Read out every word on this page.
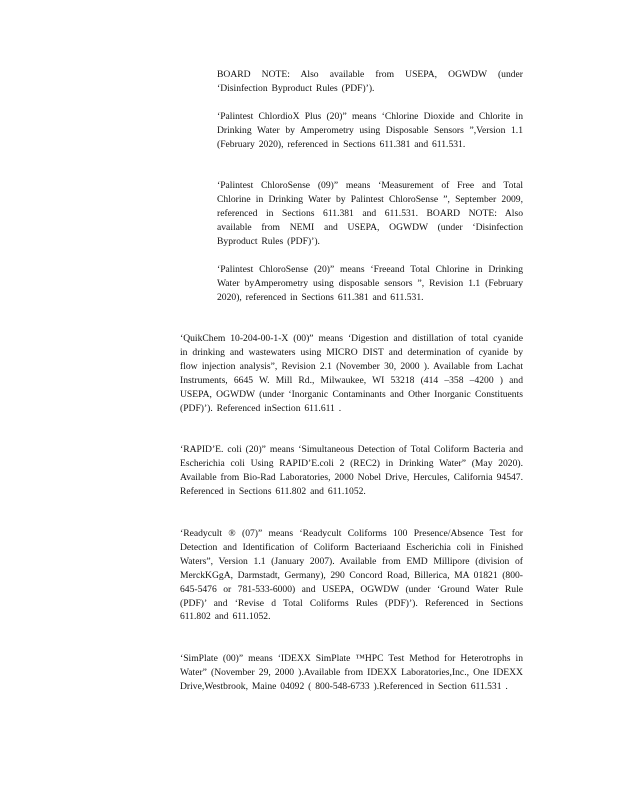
BOARD NOTE: Also available from USEPA, OGWDW (under ‘Disinfection Byproduct Rules (PDF)’).

‘Palintest ChlordioX Plus (20)” means ‘Chlorine Dioxide and Chlorite in Drinking Water by Amperometry using Disposable Sensors ”,Version 1.1 (February 2020), referenced in Sections 611.381 and 611.531.

‘Palintest ChloroSense (09)” means ‘Measurement of Free and Total Chlorine in Drinking Water by Palintest ChloroSense ”, September 2009, referenced in Sections 611.381 and 611.531. BOARD NOTE: Also available from NEMI and USEPA, OGWDW (under ‘Disinfection Byproduct Rules (PDF)’).

‘Palintest ChloroSense (20)” means ‘Freeand Total Chlorine in Drinking Water byAmperometry using disposable sensors ”, Revision 1.1 (February 2020), referenced in Sections 611.381 and 611.531.

‘QuikChem 10-204-00-1-X (00)” means ‘Digestion and distillation of total cyanide in drinking and wastewaters using MICRO DIST and determination of cyanide by flow injection analysis”, Revision 2.1 (November 30, 2000 ). Available from Lachat Instruments, 6645 W. Mill Rd., Milwaukee, WI 53218 (414 –358 –4200 ) and USEPA, OGWDW (under ‘Inorganic Contaminants and Other Inorganic Constituents (PDF)’). Referenced inSection 611.611 .

‘RAPID’E. coli (20)” means ‘Simultaneous Detection of Total Coliform Bacteria and Escherichia coli Using RAPID’E.coli 2 (REC2) in Drinking Water” (May 2020). Available from Bio-Rad Laboratories, 2000 Nobel Drive, Hercules, California 94547. Referenced in Sections 611.802 and 611.1052.

‘Readycult ® (07)” means ‘Readycult Coliforms 100 Presence/Absence Test for Detection and Identification of Coliform Bacteriaand Escherichia coli in Finished Waters”, Version 1.1 (January 2007). Available from EMD Millipore (division of MerckKGgA, Darmstadt, Germany), 290 Concord Road, Billerica, MA 01821 (800-645-5476 or 781-533-6000) and USEPA, OGWDW (under ‘Ground Water Rule (PDF)’ and ‘Revise d Total Coliforms Rules (PDF)’). Referenced in Sections 611.802 and 611.1052.

‘SimPlate (00)” means ‘IDEXX SimPlate ™HPC Test Method for Heterotrophs in Water” (November 29, 2000 ).Available from IDEXX Laboratories,Inc., One IDEXX Drive,Westbrook, Maine 04092 ( 800-548-6733 ).Referenced in Section 611.531 .
